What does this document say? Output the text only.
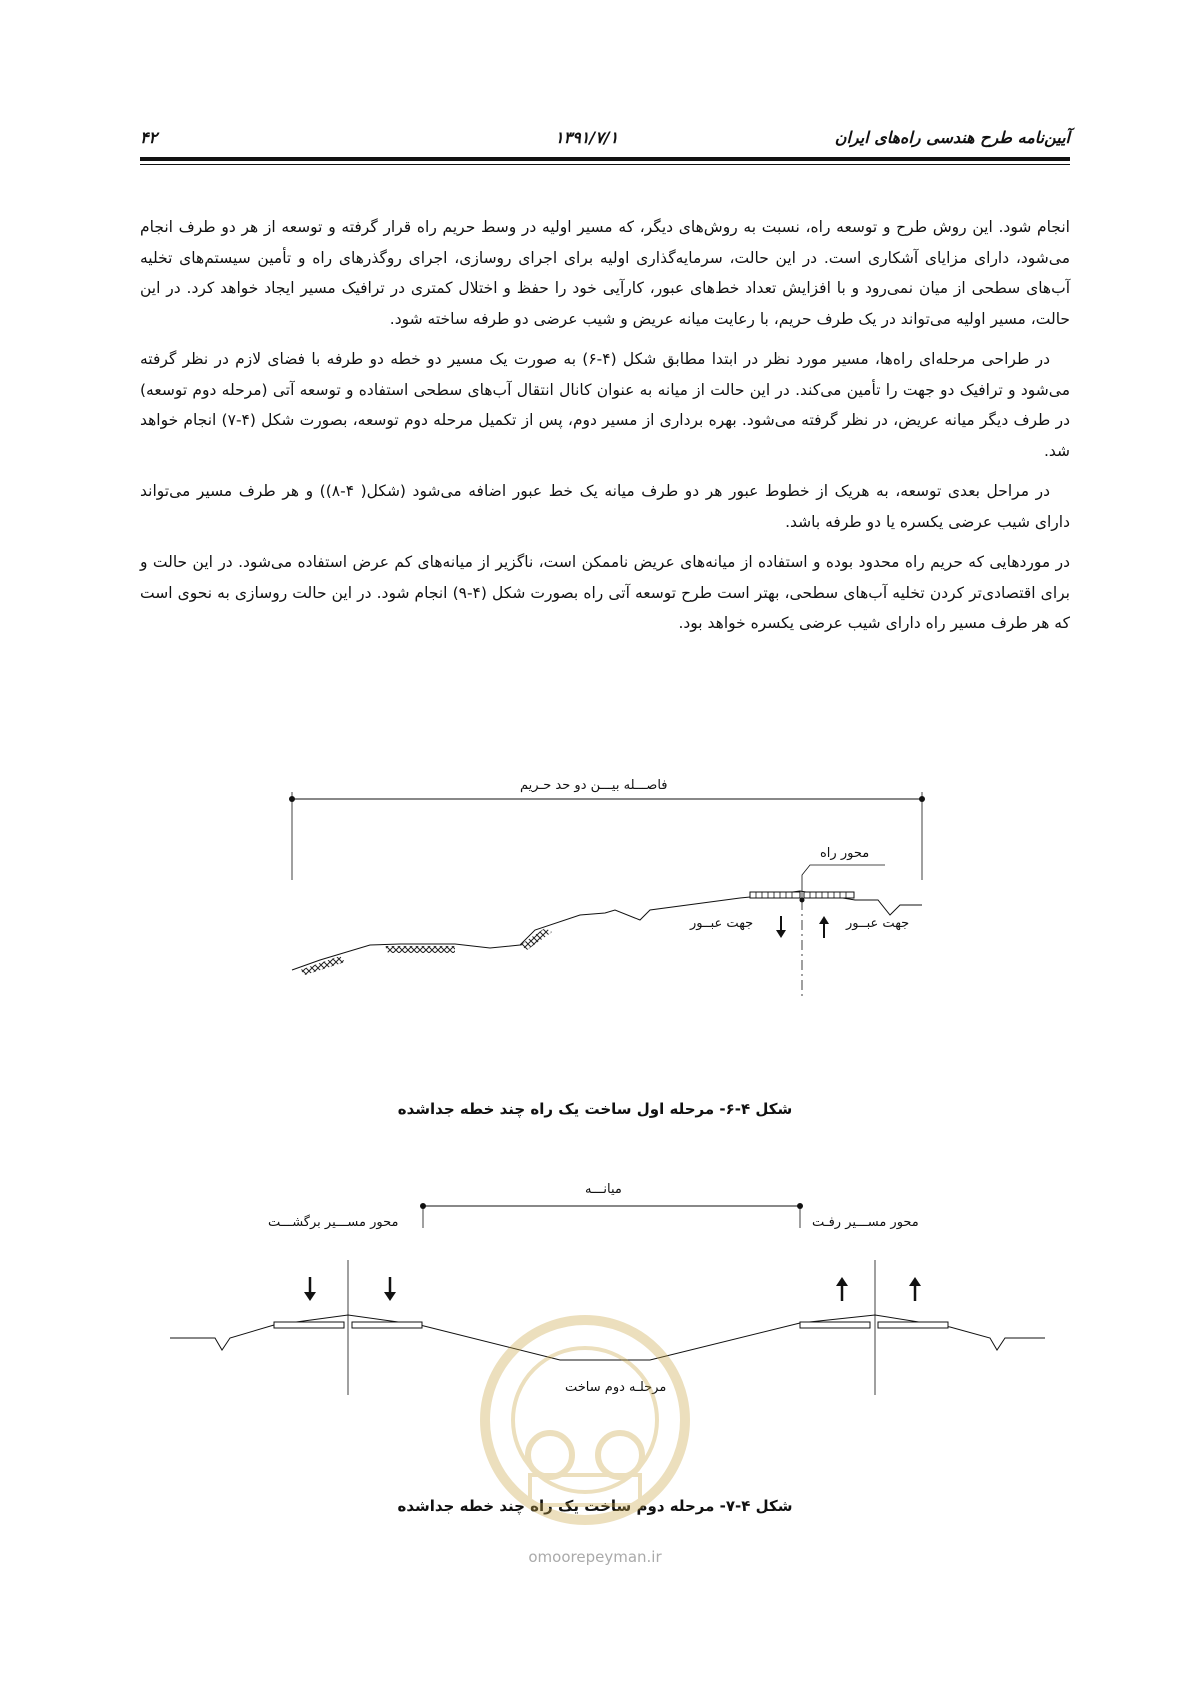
آیین‌نامه طرح هندسی راه‌های ایران
۱۳۹۱/۷/۱
۴۲

انجام شود. این روش طرح و توسعه راه، نسبت به روش‌های دیگر، که مسیر اولیه در وسط حریم راه قرار گرفته و توسعه از هر دو طرف انجام می‌شود، دارای مزایای آشکاری است. در این حالت، سرمایه‌گذاری اولیه برای اجرای روسازی، اجرای روگذرهای راه و تأمین سیستم‌های تخلیه آب‌های سطحی از میان نمی‌رود و با افزایش تعداد خط‌های عبور، کارآیی خود را حفظ و اختلال کمتری در ترافیک مسیر ایجاد خواهد کرد. در این حالت، مسیر اولیه می‌تواند در یک طرف حریم، با رعایت میانه عریض و شیب عرضی دو طرفه ساخته شود.

در طراحی مرحله‌ای راه‌ها، مسیر مورد نظر در ابتدا مطابق شکل (۴-۶) به صورت یک مسیر دو خطه دو طرفه با فضای لازم در نظر گرفته می‌شود و ترافیک دو جهت را تأمین می‌کند. در این حالت از میانه به عنوان کانال انتقال آب‌های سطحی استفاده و توسعه آتی (مرحله دوم توسعه) در طرف دیگر میانه عریض، در نظر گرفته می‌شود. بهره برداری از مسیر دوم، پس از تکمیل مرحله دوم توسعه، بصورت شکل (۴-۷) انجام خواهد شد.

در مراحل بعدی توسعه، به هریک از خطوط عبور هر دو طرف میانه یک خط عبور اضافه می‌شود (شکل( ۴-۸)) و هر طرف مسیر می‌تواند دارای شیب عرضی یکسره یا دو طرفه باشد.

در موردهایی که حریم راه محدود بوده و استفاده از میانه‌های عریض ناممکن است، ناگزیر از میانه‌های کم عرض استفاده می‌شود. در این حالت و برای اقتصادی‌تر کردن تخلیه آب‌های سطحی، بهتر است طرح توسعه آتی راه بصورت شکل (۴-۹) انجام شود. در این حالت روسازی به نحوی است که هر طرف مسیر راه دارای شیب عرضی یکسره خواهد بود.

فاصـــله بیـــن دو حد حـریم
محور راه
جهت عبــور	جهت عبــور
شکل ۴-۶- مرحله اول ساخت یک راه چند خطه جداشده
میانـــه
محور مســـیر برگشـــت	محور مســـیر رفـت
مرحلـه دوم ساخت
شکل ۴-۷- مرحله دوم ساخت یک راه چند خطه جداشده
omoorepeyman.ir
